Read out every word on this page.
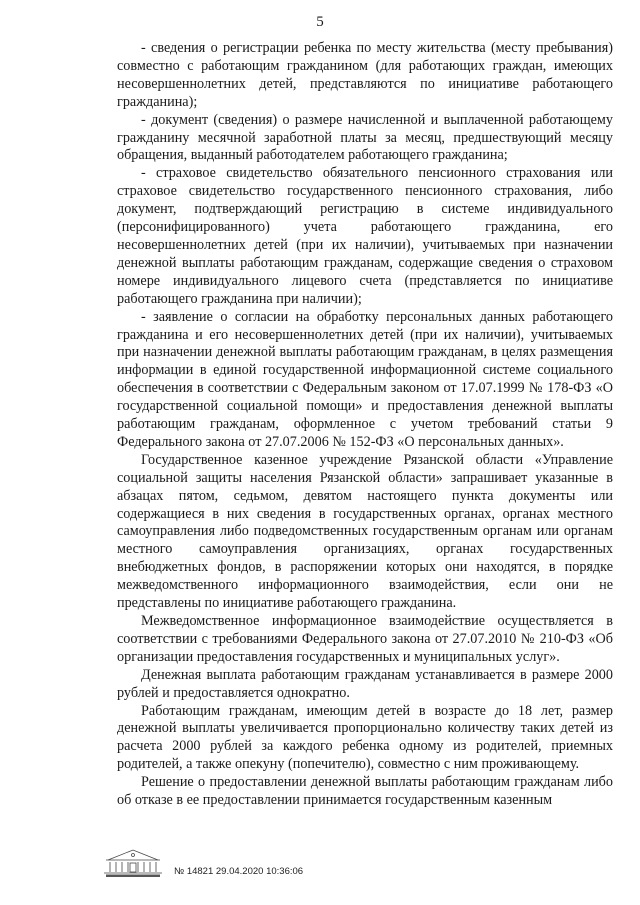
5

- сведения о регистрации ребенка по месту жительства (месту пребывания) совместно с работающим гражданином (для работающих граждан, имеющих несовершеннолетних детей, представляются по инициативе работающего гражданина);

- документ (сведения) о размере начисленной и выплаченной работающему гражданину месячной заработной платы за месяц, предшествующий месяцу обращения, выданный работодателем работающего гражданина;

- страховое свидетельство обязательного пенсионного страхования или страховое свидетельство государственного пенсионного страхования, либо документ, подтверждающий регистрацию в системе индивидуального (персонифицированного) учета работающего гражданина, его несовершеннолетних детей (при их наличии), учитываемых при назначении денежной выплаты работающим гражданам, содержащие сведения о страховом номере индивидуального лицевого счета (представляется по инициативе работающего гражданина при наличии);

- заявление о согласии на обработку персональных данных работающего гражданина и его несовершеннолетних детей (при их наличии), учитываемых при назначении денежной выплаты работающим гражданам, в целях размещения информации в единой государственной информационной системе социального обеспечения в соответствии с Федеральным законом от 17.07.1999 № 178-ФЗ «О государственной социальной помощи» и предоставления денежной выплаты работающим гражданам, оформленное с учетом требований статьи 9 Федерального закона от 27.07.2006 № 152-ФЗ «О персональных данных».

Государственное казенное учреждение Рязанской области «Управление социальной защиты населения Рязанской области» запрашивает указанные в абзацах пятом, седьмом, девятом настоящего пункта документы или содержащиеся в них сведения в государственных органах, органах местного самоуправления либо подведомственных государственным органам или органам местного самоуправления организациях, органах государственных внебюджетных фондов, в распоряжении которых они находятся, в порядке межведомственного информационного взаимодействия, если они не представлены по инициативе работающего гражданина.

Межведомственное информационное взаимодействие осуществляется в соответствии с требованиями Федерального закона от 27.07.2010 № 210-ФЗ «Об организации предоставления государственных и муниципальных услуг».

Денежная выплата работающим гражданам устанавливается в размере 2000 рублей и предоставляется однократно.

Работающим гражданам, имеющим детей в возрасте до 18 лет, размер денежной выплаты увеличивается пропорционально количеству таких детей из расчета 2000 рублей за каждого ребенка одному из родителей, приемных родителей, а также опекуну (попечителю), совместно с ним проживающему.

Решение о предоставлении денежной выплаты работающим гражданам либо об отказе в ее предоставлении принимается государственным казенным

№ 14821 29.04.2020 10:36:06
